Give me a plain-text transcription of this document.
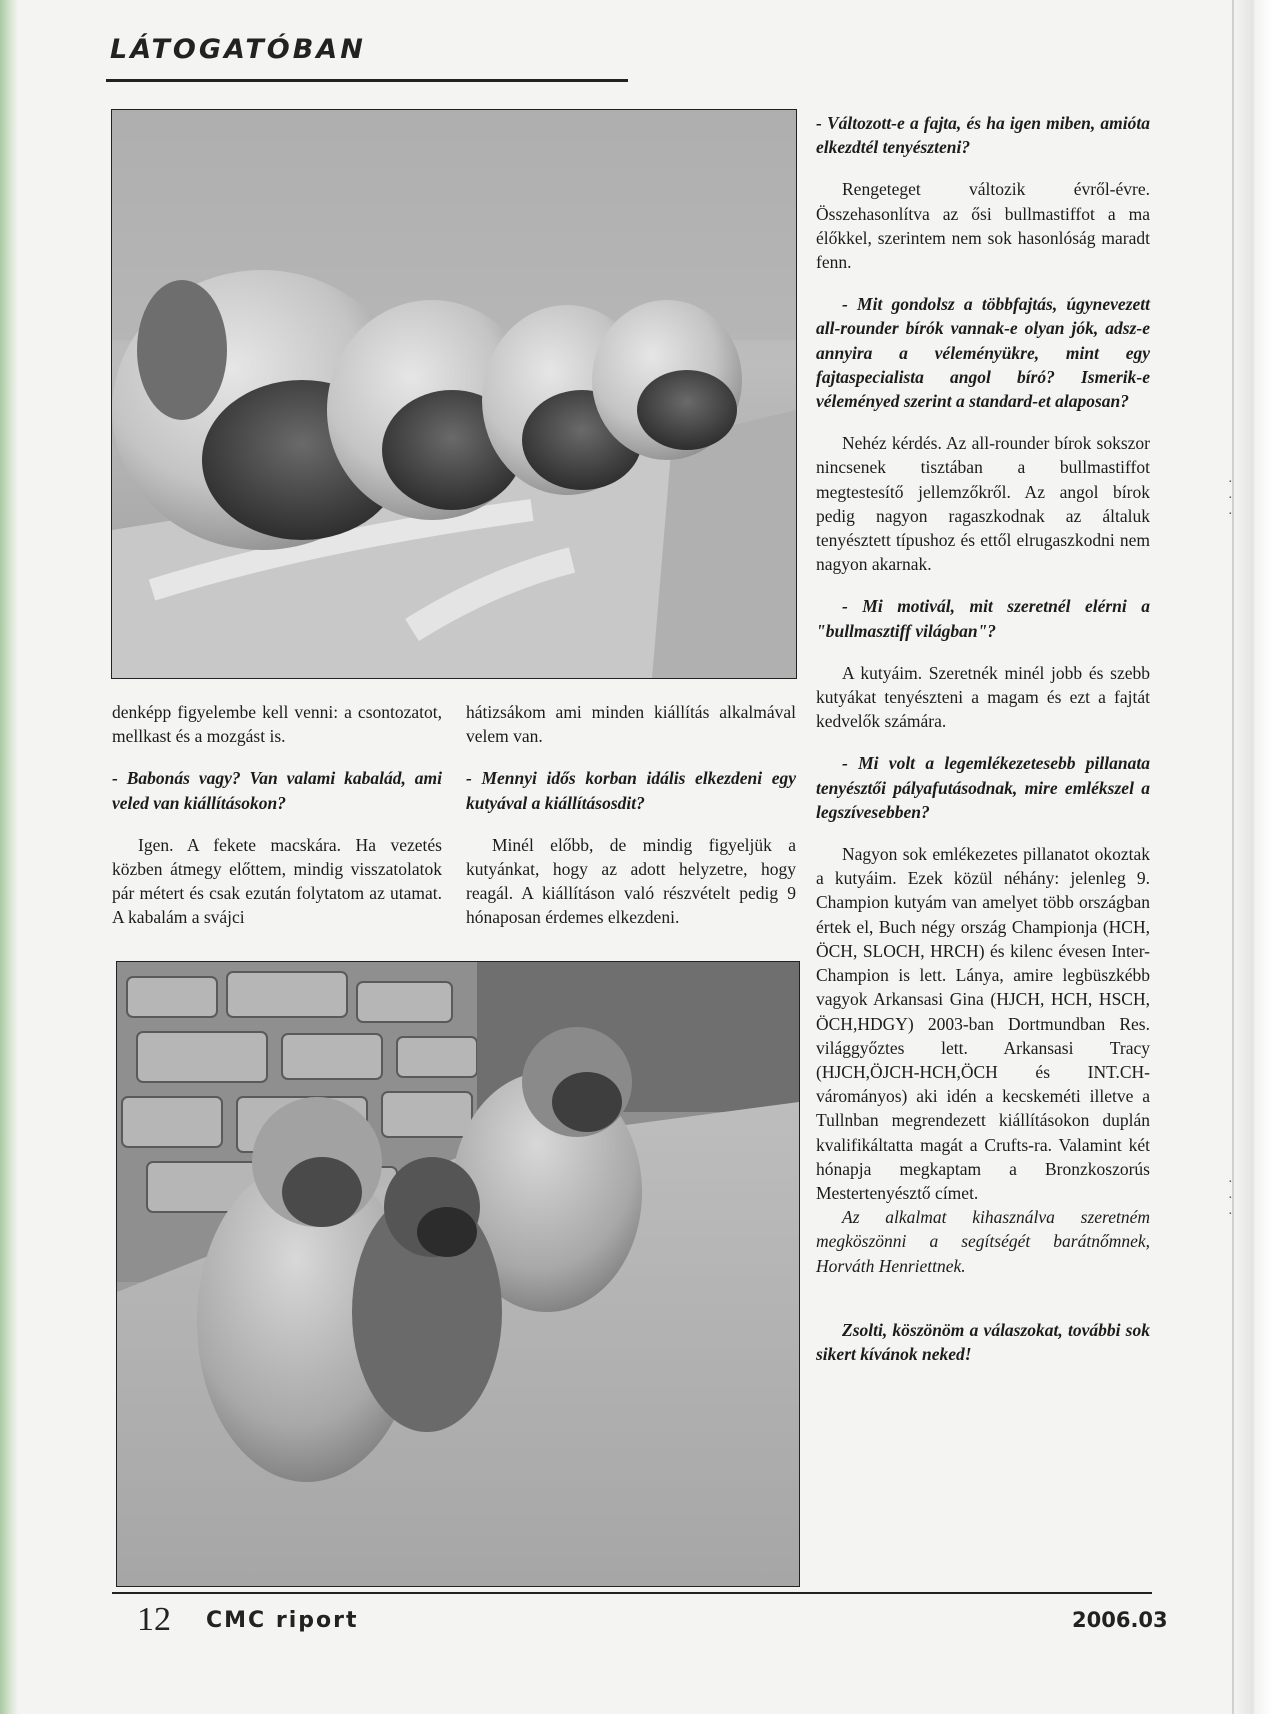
LÁTOGATÓBAN

denképp figyelembe kell venni: a csontozatot, mellkast és a mozgást is.

- Babonás vagy? Van valami kabalád, ami veled van kiállításokon?

Igen. A fekete macskára. Ha vezetés közben átmegy előttem, mindig visszatolatok pár métert és csak ezután folytatom az utamat. A kabalám a svájci

hátizsákom ami minden kiállítás alkalmával velem van.

- Mennyi idős korban idális elkezdeni egy kutyával a kiállításosdit?

Minél előbb, de mindig figyeljük a kutyánkat, hogy az adott helyzetre, hogy reagál. A kiállításon való részvételt pedig 9 hónaposan érdemes elkezdeni.

- Változott-e a fajta, és ha igen miben, amióta elkezdtél tenyészteni?

Rengeteget változik évről-évre. Összehasonlítva az ősi bullmastiffot a ma élőkkel, szerintem nem sok hasonlóság maradt fenn.

- Mit gondolsz a többfajtás, úgynevezett all-rounder bírók vannak-e olyan jók, adsz-e annyira a véleményükre, mint egy fajtaspecialista angol bíró? Ismerik-e véleményed szerint a standard-et alaposan?

Nehéz kérdés. Az all-rounder bírok sokszor nincsenek tisztában a bullmastiffot megtestesítő jellemzőkről. Az angol bírok pedig nagyon ragaszkodnak az általuk tenyésztett típushoz és ettől elrugaszkodni nem nagyon akarnak.

- Mi motivál, mit szeretnél elérni a "bullmasztiff világban"?

A kutyáim. Szeretnék minél jobb és szebb kutyákat tenyészteni a magam és ezt a fajtát kedvelők számára.

- Mi volt a legemlékezetesebb pillanata tenyésztői pályafutásodnak, mire emlékszel a legszívesebben?

Nagyon sok emlékezetes pillanatot okoztak a kutyáim. Ezek közül néhány: jelenleg 9. Champion kutyám van amelyet több országban értek el, Buch négy ország Championja (HCH, ÖCH, SLOCH, HRCH) és kilenc évesen Inter-Champion is lett. Lánya, amire legbüszkébb vagyok Arkansasi Gina (HJCH, HCH, HSCH, ÖCH,HDGY) 2003-ban Dortmundban Res. világgyőztes lett. Arkansasi Tracy (HJCH,ÖJCH-HCH,ÖCH és INT.CH-várományos) aki idén a kecskeméti illetve a Tullnban megrendezett kiállításokon duplán kvalifikáltatta magát a Crufts-ra. Valamint két hónapja megkaptam a Bronzkoszorús Mestertenyésztő címet.

Az alkalmat kihasználva szeretném megköszönni a segítségét barátnőmnek, Horváth Henriettnek.

Zsolti, köszönöm a válaszokat, további sok sikert kívánok neked!

·
·
·
·
·
·
12 CMC riport	2006.03
